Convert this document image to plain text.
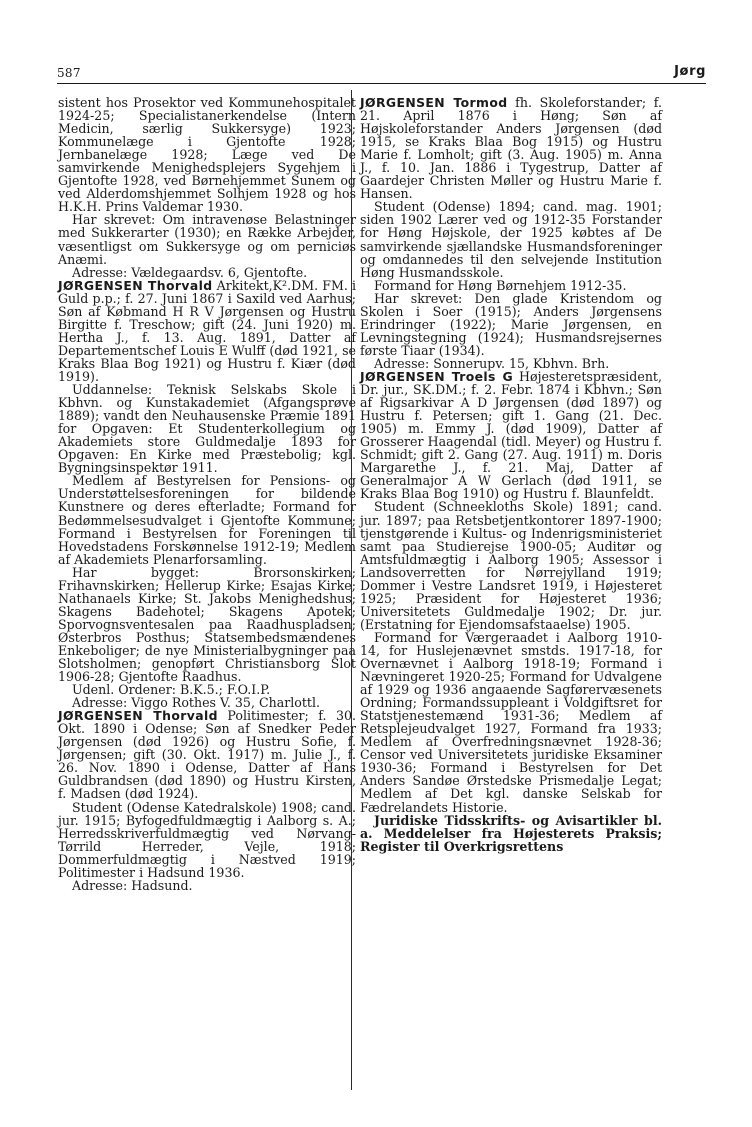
587	Jørg

sistent hos Prosektor ved Kommunehospitalet 1924-25; Specialistanerkendelse (Intern Medicin, særlig Sukkersyge) 1923; Kommunelæge i Gjentofte 1928; Jernbanelæge 1928; Læge ved De samvirkende Menighedsplejers Sygehjem i Gjentofte 1928, ved Børnehjemmet Sunem og ved Alderdomshjemmet Solhjem 1928 og hos H.K.H. Prins Valdemar 1930.

Har skrevet: Om intravenøse Belastninger med Sukkerarter (1930); en Række Arbejder, væsentligst om Sukkersyge og om perniciøs Anæmi.

Adresse: Vældegaardsv. 6, Gjentofte.

JØRGENSEN Thorvald Arkitekt,K².DM. FM. i Guld p.p.; f. 27. Juni 1867 i Saxild ved Aarhus; Søn af Købmand H R V Jørgensen og Hustru Birgitte f. Treschow; gift (24. Juni 1920) m. Hertha J., f. 13. Aug. 1891, Datter af Departementschef Louis E Wulff (død 1921, se Kraks Blaa Bog 1921) og Hustru f. Kiær (død 1919).

Uddannelse: Teknisk Selskabs Skole i Kbhvn. og Kunstakademiet (Afgangsprøve 1889); vandt den Neuhausenske Præmie 1891 for Opgaven: Et Studenterkollegium og Akademiets store Guldmedalje 1893 for Opgaven: En Kirke med Præstebolig; kgl. Bygningsinspektør 1911.

Medlem af Bestyrelsen for Pensions- og Understøttelsesforeningen for bildende Kunstnere og deres efterladte; Formand for Bedømmelsesudvalget i Gjentofte Kommune; Formand i Bestyrelsen for Foreningen til Hovedstadens Forskønnelse 1912-19; Medlem af Akademiets Plenarforsamling.

Har bygget: Brorsonskirken; Frihavnskirken; Hellerup Kirke; Esajas Kirke; Nathanaels Kirke; St. Jakobs Menighedshus; Skagens Badehotel; Skagens Apotek; Sporvognsventesalen paa Raadhuspladsen; Østerbros Posthus; Statsembedsmændenes Enkeboliger; de nye Ministerialbygninger paa Slotsholmen; genopført Christiansborg Slot 1906-28; Gjentofte Raadhus.

Udenl. Ordener: B.K.5.; F.O.I.P.

Adresse: Viggo Rothes V. 35, Charlottl.

JØRGENSEN Thorvald Politimester; f. 30. Okt. 1890 i Odense; Søn af Snedker Peder Jørgensen (død 1926) og Hustru Sofie, f. Jørgensen; gift (30. Okt. 1917) m. Julie J., f. 26. Nov. 1890 i Odense, Datter af Hans Guldbrandsen (død 1890) og Hustru Kirsten, f. Madsen (død 1924).

Student (Odense Katedralskole) 1908; cand. jur. 1915; Byfogedfuldmægtig i Aalborg s. A.; Herredsskriverfuldmægtig ved Nørvang-Tørrild Herreder, Vejle, 1918; Dommerfuldmægtig i Næstved 1919; Politimester i Hadsund 1936.

Adresse: Hadsund.

JØRGENSEN Tormod fh. Skoleforstander; f. 21. April 1876 i Høng; Søn af Højskoleforstander Anders Jørgensen (død 1915, se Kraks Blaa Bog 1915) og Hustru Marie f. Lomholt; gift (3. Aug. 1905) m. Anna J., f. 10. Jan. 1886 i Tygestrup, Datter af Gaardejer Christen Møller og Hustru Marie f. Hansen.

Student (Odense) 1894; cand. mag. 1901; siden 1902 Lærer ved og 1912-35 Forstander for Høng Højskole, der 1925 købtes af De samvirkende sjællandske Husmandsforeninger og omdannedes til den selvejende Institution Høng Husmandsskole.

Formand for Høng Børnehjem 1912-35.

Har skrevet: Den glade Kristendom og Skolen i Soer (1915); Anders Jørgensens Erindringer (1922); Marie Jørgensen, en Levningstegning (1924); Husmandsrejsernes første Tiaar (1934).

Adresse: Sonnerupv. 15, Kbhvn. Brh.

JØRGENSEN Troels G Højesteretspræsident, Dr. jur., SK.DM.; f. 2. Febr. 1874 i Kbhvn.; Søn af Rigsarkivar A D Jørgensen (død 1897) og Hustru f. Petersen; gift 1. Gang (21. Dec. 1905) m. Emmy J. (død 1909), Datter af Grosserer Haagendal (tidl. Meyer) og Hustru f. Schmidt; gift 2. Gang (27. Aug. 1911) m. Doris Margarethe J., f. 21. Maj, Datter af Generalmajor A W Gerlach (død 1911, se Kraks Blaa Bog 1910) og Hustru f. Blaunfeldt.

Student (Schneekloths Skole) 1891; cand. jur. 1897; paa Retsbetjentkontorer 1897-1900; tjenstgørende i Kultus- og Indenrigsministeriet samt paa Studierejse 1900-05; Auditør og Amtsfuldmægtig i Aalborg 1905; Assessor i Landsoverretten for Nørrejylland 1919; Dommer i Vestre Landsret 1919, i Højesteret 1925; Præsident for Højesteret 1936; Universitetets Guldmedalje 1902; Dr. jur. (Erstatning for Ejendomsafstaaelse) 1905.

Formand for Værgeraadet i Aalborg 1910-14, for Huslejenævnet smstds. 1917-18, for Overnævnet i Aalborg 1918-19; Formand i Nævningeret 1920-25; Formand for Udvalgene af 1929 og 1936 angaaende Sagførervæsenets Ordning; Formandssuppleant i Voldgiftsret for Statstjenestemænd 1931-36; Medlem af Retsplejeudvalget 1927, Formand fra 1933; Medlem af Overfredningsnævnet 1928-36; Censor ved Universitetets juridiske Eksaminer 1930-36; Formand i Bestyrelsen for Det Anders Sandøe Ørstedske Prismedalje Legat; Medlem af Det kgl. danske Selskab for Fædrelandets Historie.

Juridiske Tidsskrifts- og Avisartikler bl. a. Meddelelser fra Højesterets Praksis; Register til Overkrigsrettens
